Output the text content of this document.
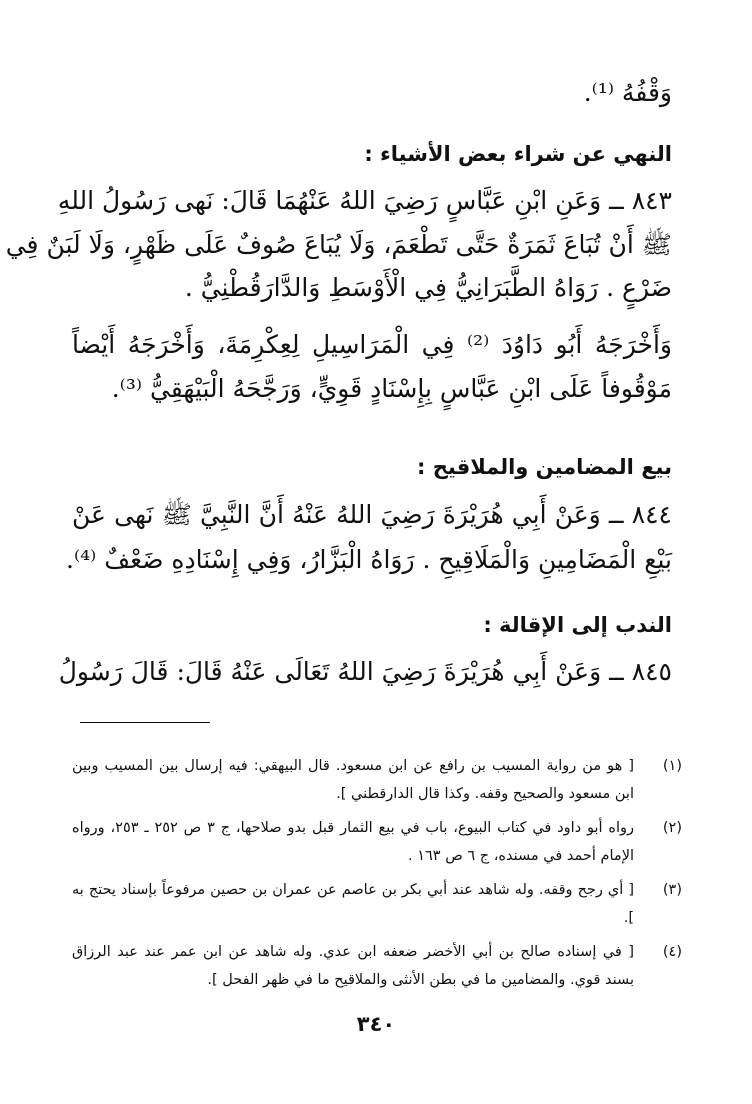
وَقْفُهُ ⁽¹⁾.
النهي عن شراء بعض الأشياء :
٨٤٣ ــ وَعَنِ ابْنِ عَبَّاسٍ رَضِيَ اللهُ عَنْهُمَا قَالَ: نَهى رَسُولُ اللهِ
ﷺ أَنْ تُبَاعَ ثَمَرَةٌ حَتَّى تَطْعَمَ، وَلَا يُبَاعَ صُوفٌ عَلَى ظَهْرٍ، وَلَا لَبَنٌ فِي
ضَرْعٍ . رَوَاهُ الطَّبَرَانِيُّ فِي الْأَوْسَطِ وَالدَّارَقُطْنِيُّ .
وَأَخْرَجَهُ أَبُو دَاوُدَ ⁽²⁾ فِي الْمَرَاسِيلِ لِعِكْرِمَةَ، وَأَخْرَجَهُ أَيْضاً
مَوْقُوفاً عَلَى ابْنِ عَبَّاسٍ بِإِسْنَادٍ قَوِيٍّ، وَرَجَّحَهُ الْبَيْهَقِيُّ ⁽³⁾.
بيع المضامين والملاقيح :
٨٤٤ ــ وَعَنْ أَبِي هُرَيْرَةَ رَضِيَ اللهُ عَنْهُ أَنَّ النَّبِيَّ ﷺ نَهى عَنْ
بَيْعِ الْمَضَامِينِ وَالْمَلَاقِيحِ . رَوَاهُ الْبَزَّارُ، وَفِي إِسْنَادِهِ ضَعْفٌ ⁽⁴⁾.
الندب إلى الإقالة :
٨٤٥ ــ وَعَنْ أَبِي هُرَيْرَةَ رَضِيَ اللهُ تَعَالَى عَنْهُ قَالَ: قَالَ رَسُولُ
(١)
[ هو من رواية المسيب بن رافع عن ابن مسعود. قال البيهقي: فيه إرسال بين المسيب وبين ابن مسعود والصحيح وقفه. وكذا قال الدارقطني ].
(٢)
رواه أبو داود في كتاب البيوع، باب في بيع الثمار قبل بدو صلاحها، ج ٣ ص ٢٥٢ ـ ٢٥٣، ورواه الإمام أحمد في مسنده، ج ٦ ص ١٦٣ .
(٣)
[ أي رجح وقفه. وله شاهد عند أبي بكر بن عاصم عن عمران بن حصين مرفوعاً بإسناد يحتج به ].
(٤)
[ في إسناده صالح بن أبي الأخضر ضعفه ابن عدي. وله شاهد عن ابن عمر عند عبد الرزاق بسند قوي. والمضامين ما في بطن الأنثى والملاقيح ما في ظهر الفحل ].
٣٤٠
